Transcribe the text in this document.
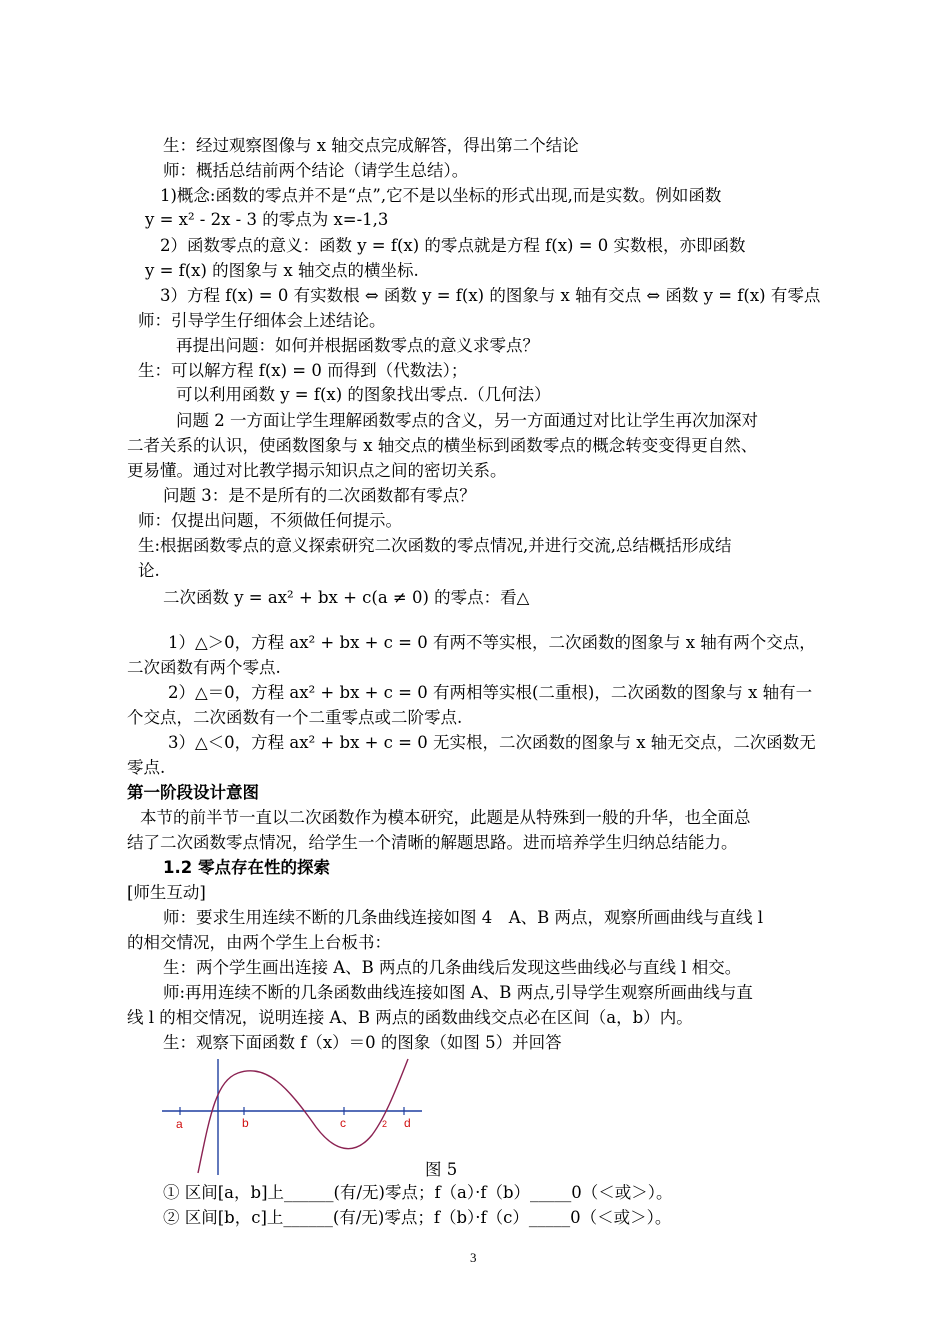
生：经过观察图像与 x 轴交点完成解答，得出第二个结论
师：概括总结前两个结论（请学生总结）。
1)概念:函数的零点并不是“点”,它不是以坐标的形式出现,而是实数。例如函数
y = x² - 2x - 3 的零点为 x=-1,3
2）函数零点的意义：函数 y = f(x) 的零点就是方程 f(x) = 0 实数根，亦即函数
y = f(x) 的图象与 x 轴交点的横坐标.
3）方程 f(x) = 0 有实数根 ⇔ 函数 y = f(x) 的图象与 x 轴有交点 ⇔ 函数 y = f(x) 有零点
师：引导学生仔细体会上述结论。
再提出问题：如何并根据函数零点的意义求零点？
生：可以解方程 f(x) = 0 而得到（代数法）；
可以利用函数 y = f(x) 的图象找出零点.（几何法）
问题 2 一方面让学生理解函数零点的含义，另一方面通过对比让学生再次加深对
二者关系的认识，使函数图象与 x 轴交点的横坐标到函数零点的概念转变变得更自然、
更易懂。通过对比教学揭示知识点之间的密切关系。
问题 3：是不是所有的二次函数都有零点？
师：仅提出问题，不须做任何提示。
生:根据函数零点的意义探索研究二次函数的零点情况,并进行交流,总结概括形成结
论.
二次函数 y = ax² + bx + c(a ≠ 0) 的零点：看△
1）△＞0，方程 ax² + bx + c = 0 有两不等实根，二次函数的图象与 x 轴有两个交点，
二次函数有两个零点.
2）△＝0，方程 ax² + bx + c = 0 有两相等实根(二重根)，二次函数的图象与 x 轴有一
个交点，二次函数有一个二重零点或二阶零点.
3）△＜0，方程 ax² + bx + c = 0 无实根，二次函数的图象与 x 轴无交点，二次函数无
零点.
第一阶段设计意图
本节的前半节一直以二次函数作为模本研究，此题是从特殊到一般的升华，也全面总
结了二次函数零点情况，给学生一个清晰的解题思路。进而培养学生归纳总结能力。
1.2 零点存在性的探索
[师生互动]
师：要求生用连续不断的几条曲线连接如图 4　A、B 两点，观察所画曲线与直线 l
的相交情况，由两个学生上台板书：
生：两个学生画出连接 A、B 两点的几条曲线后发现这些曲线必与直线 l 相交。
师:再用连续不断的几条函数曲线连接如图 A、B 两点,引导学生观察所画曲线与直
线 l 的相交情况，说明连接 A、B 两点的函数曲线交点必在区间（a，b）内。
生：观察下面函数 f（x）＝0 的图象（如图 5）并回答
a	b	c	2 d
图 5
① 区间[a，b]上______(有/无)零点；f（a）·f（b）_____0（＜或＞）。
② 区间[b，c]上______(有/无)零点；f（b）·f（c）_____0（＜或＞）。
3
